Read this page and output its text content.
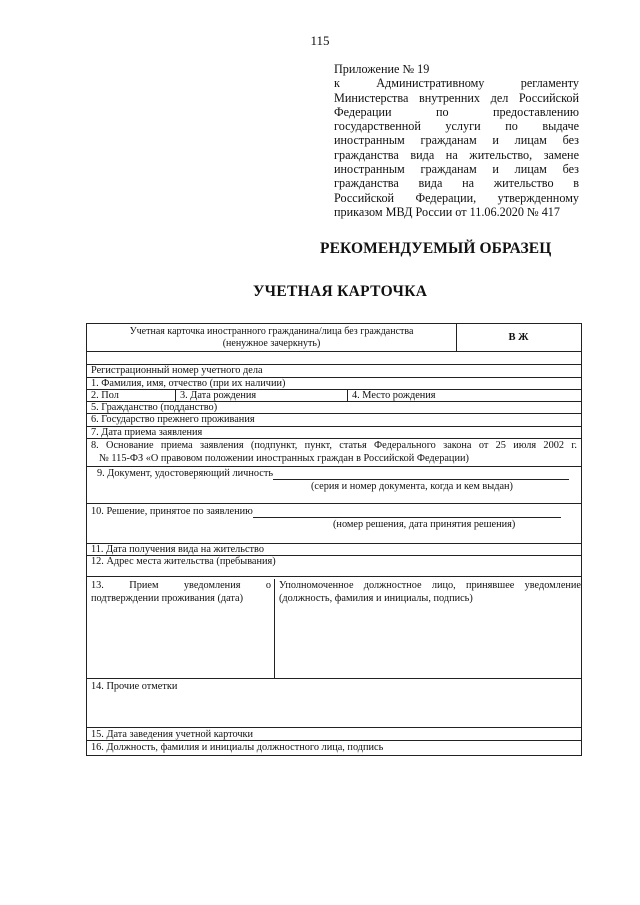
115
Приложение № 19
к Административному регламенту
Министерства внутренних дел Российской
Федерации по предоставлению
государственной услуги по выдаче
иностранным гражданам и лицам без
гражданства вида на жительство, замене
иностранным гражданам и лицам без
гражданства вида на жительство в
Российской Федерации, утвержденному
приказом МВД России от 11.06.2020 № 417
РЕКОМЕНДУЕМЫЙ ОБРАЗЕЦ
УЧЕТНАЯ КАРТОЧКА
Учетная карточка иностранного гражданина/лица без гражданства
(ненужное зачеркнуть)
В Ж
Регистрационный номер учетного дела
1. Фамилия, имя, отчество (при их наличии)
2. Пол	3. Дата рождения	4. Место рождения
5. Гражданство (подданство)
6. Государство прежнего проживания
7. Дата приема заявления
8. Основание приема заявления (подпункт, пункт, статья Федерального закона от 25 июля 2002 г.
№ 115-ФЗ «О правовом положении иностранных граждан в Российской Федерации)
9. Документ, удостоверяющий личность
(серия и номер документа, когда и кем выдан)
10. Решение, принятое по заявлению
(номер решения, дата принятия решения)
11. Дата получения вида на жительство
12. Адрес места жительства (пребывания)
13. Прием уведомления о
подтверждении проживания (дата)
Уполномоченное должностное лицо, принявшее уведомление
(должность, фамилия и инициалы, подпись)
14. Прочие отметки
15. Дата заведения учетной карточки
16. Должность, фамилия и инициалы должностного лица, подпись
